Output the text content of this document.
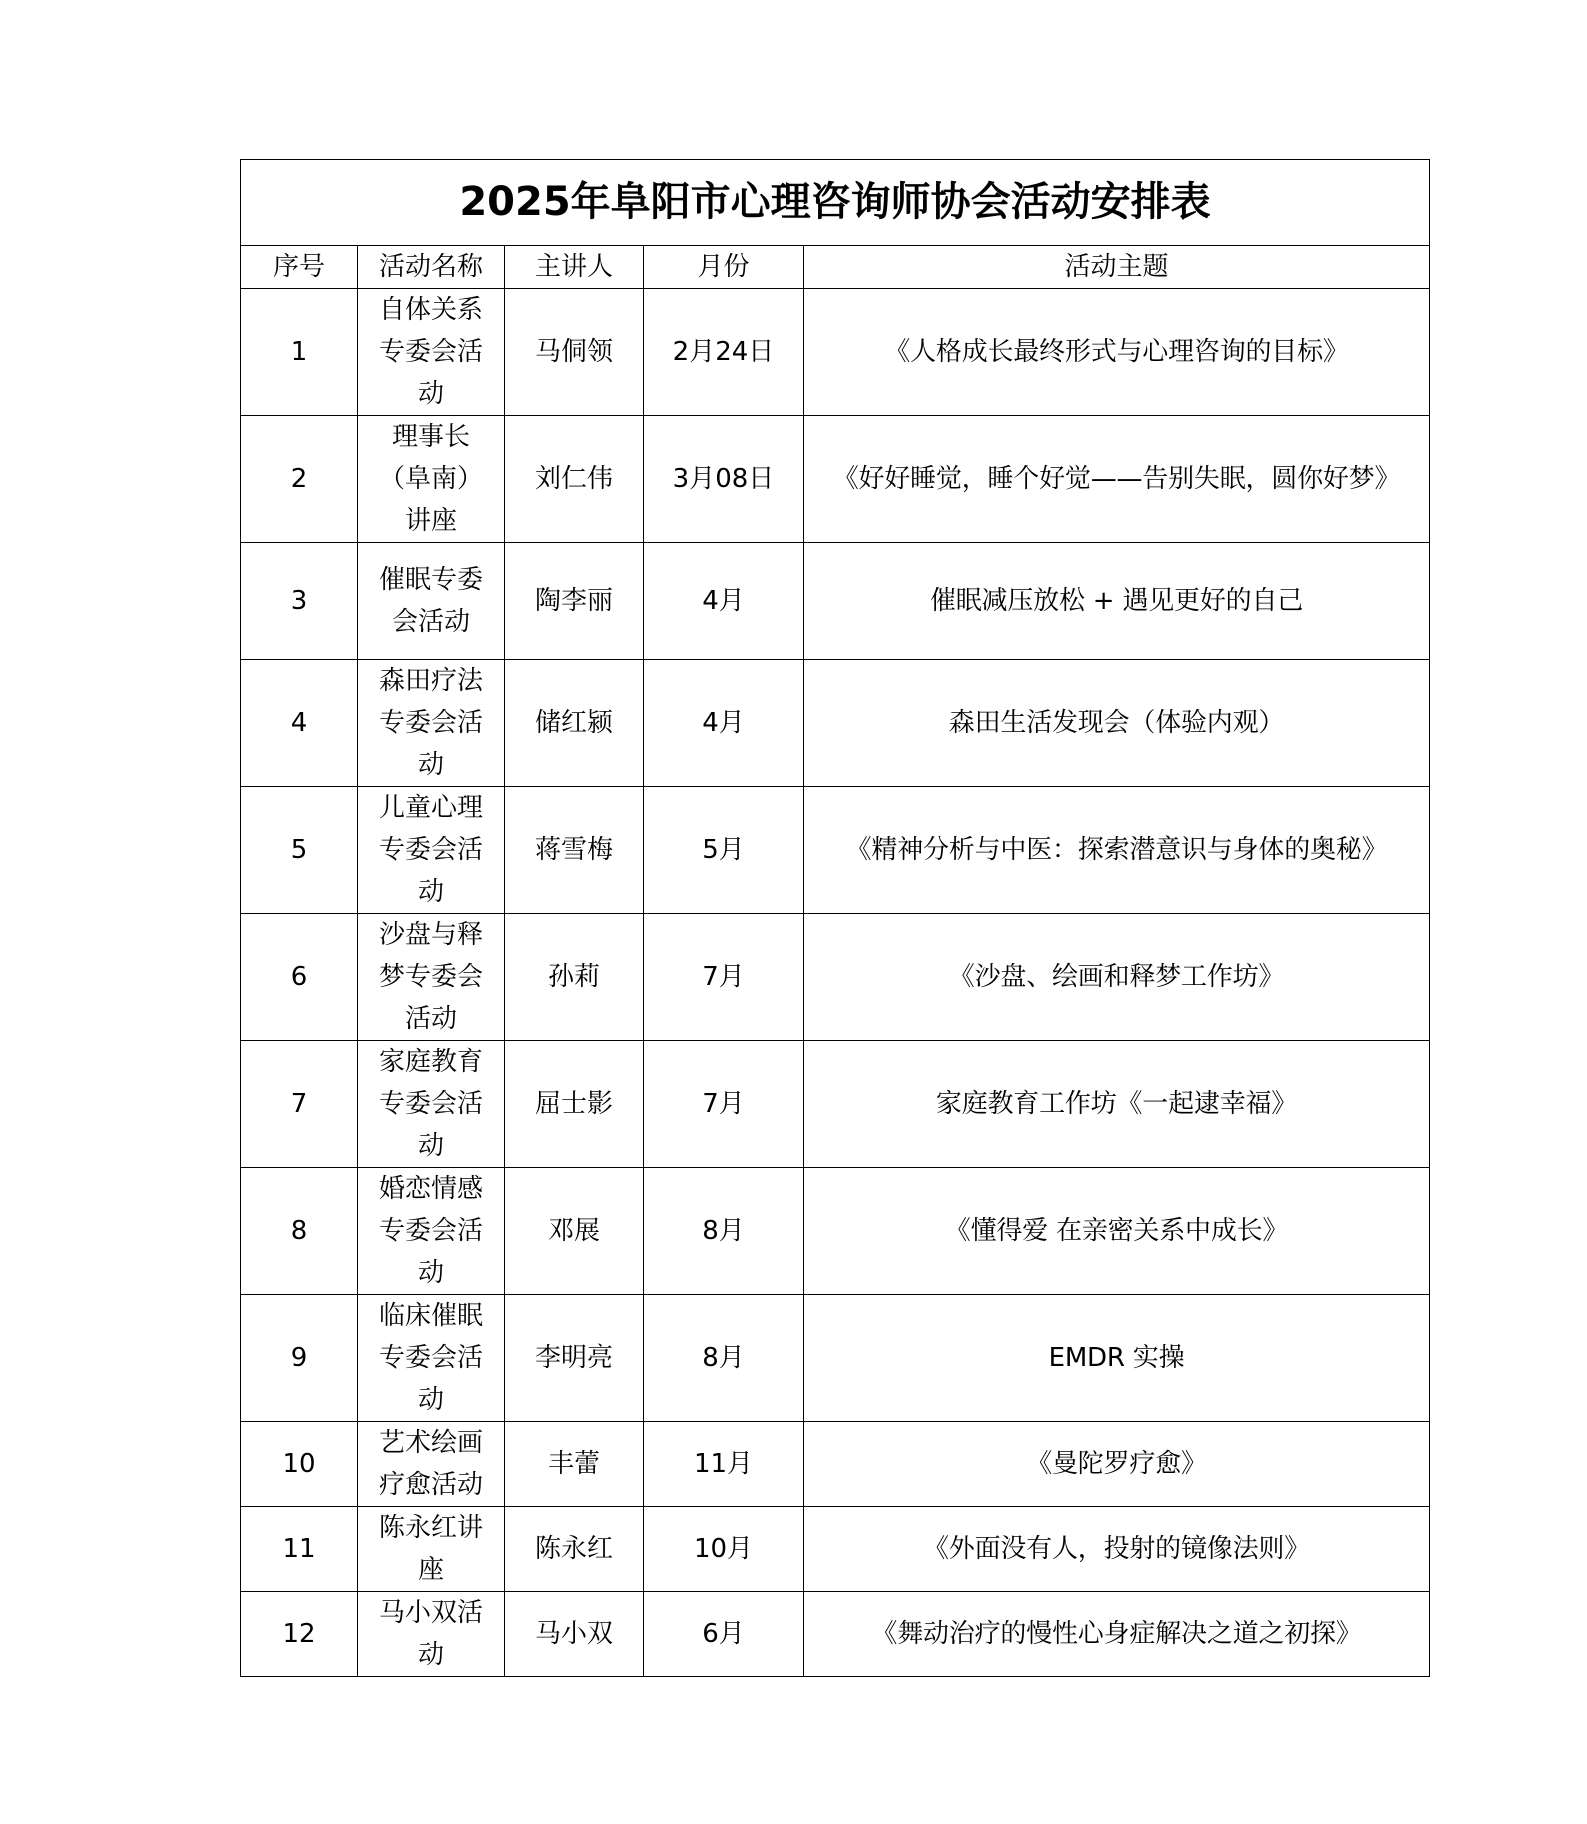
2025年阜阳市心理咨询师协会活动安排表				
序号	活动名称	主讲人	月份	活动主题
1	自体关系专委会活动	马侗领	2月24日	《人格成长最终形式与心理咨询的目标》
2	理事长（阜南）讲座	刘仁伟	3月08日	《好好睡觉，睡个好觉——告别失眠，圆你好梦》
3	催眠专委会活动	陶李丽	4月	催眠减压放松 + 遇见更好的自己
4	森田疗法专委会活动	储红颍	4月	森田生活发现会（体验内观）
5	儿童心理专委会活动	蒋雪梅	5月	《精神分析与中医：探索潜意识与身体的奥秘》
6	沙盘与释梦专委会活动	孙莉	7月	《沙盘、绘画和释梦工作坊》
7	家庭教育专委会活动	屈士影	7月	家庭教育工作坊《一起逮幸福》
8	婚恋情感专委会活动	邓展	8月	《懂得爱 在亲密关系中成长》
9	临床催眠专委会活动	李明亮	8月	EMDR 实操
10	艺术绘画疗愈活动	丰蕾	11月	《曼陀罗疗愈》
11	陈永红讲座	陈永红	10月	《外面没有人，投射的镜像法则》
12	马小双活动	马小双	6月	《舞动治疗的慢性心身症解决之道之初探》
